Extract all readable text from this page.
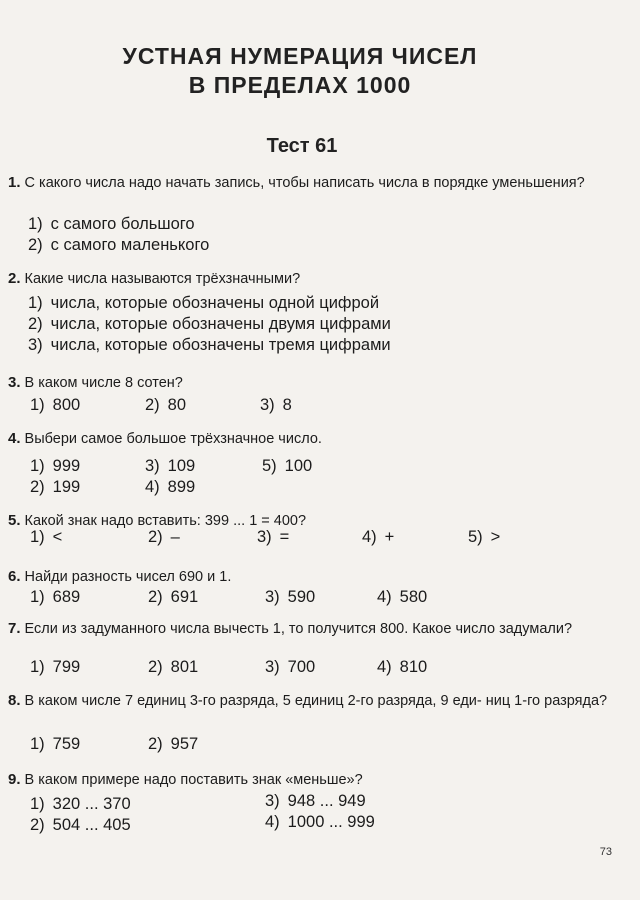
УСТНАЯ НУМЕРАЦИЯ ЧИСЕЛ
В ПРЕДЕЛАХ 1000
Тест 61
1. С какого числа надо начать запись, чтобы написать числа в порядке уменьшения?
1) с самого большого
2) с самого маленького
2. Какие числа называются трёхзначными?
1) числа, которые обозначены одной цифрой
2) числа, которые обозначены двумя цифрами
3) числа, которые обозначены тремя цифрами
3. В каком числе 8 сотен?
1) 800	2) 80	3) 8
4. Выбери самое большое трёхзначное число.
1) 999
2) 199
3) 109
4) 899
5) 100
5. Какой знак надо вставить: 399 ... 1 = 400?
1) <	2) –	3) =	4) +	5) >
6. Найди разность чисел 690 и 1.
1) 689	2) 691	3) 590	4) 580
7. Если из задуманного числа вычесть 1, то получится 800. Какое число задумали?
1) 799	2) 801	3) 700	4) 810
8. В каком числе 7 единиц 3-го разряда, 5 единиц 2-го разряда, 9 еди- ниц 1-го разряда?
1) 759	2) 957
9. В каком примере надо поставить знак «меньше»?
1) 320 ... 370
2) 504 ... 405
3) 948 ... 949
4) 1000 ... 999
73
